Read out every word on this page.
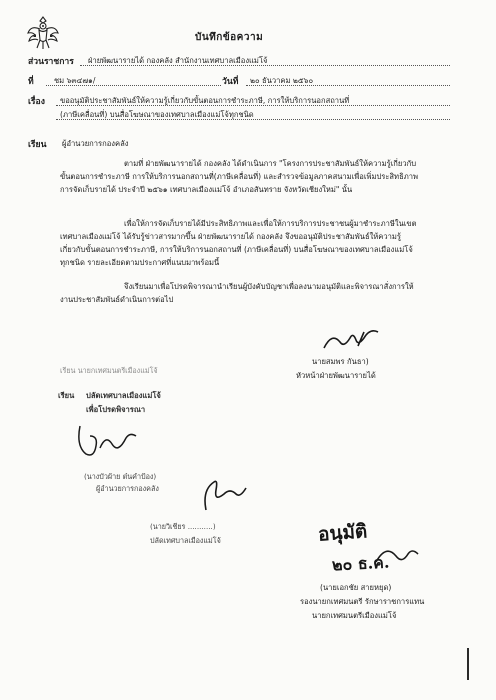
บันทึกข้อความ
ส่วนราชการ ฝ่ายพัฒนารายได้ กองคลัง สำนักงานเทศบาลเมืองแม่โจ้
ที่	ชม ๖๓๔๗๑/	วันที่ ๒๐ ธันวาคม ๒๕๖๐
เรื่อง ขออนุมัติประชาสัมพันธ์ให้ความรู้เกี่ยวกับขั้นตอนการชำระภาษี, การให้บริการนอกสถานที่
(ภาษีเคลื่อนที่) บนสื่อโฆษณาของเทศบาลเมืองแม่โจ้ทุกชนิด
เรียน ผู้อำนวยการกองคลัง
ตามที่ ฝ่ายพัฒนารายได้ กองคลัง ได้ดำเนินการ "โครงการประชาสัมพันธ์ให้ความรู้เกี่ยวกับ
ขั้นตอนการชำระภาษี การให้บริการนอกสถานที่(ภาษีเคลื่อนที่) และสำรวจข้อมูลภาคสนามเพื่อเพิ่มประสิทธิภาพ
การจัดเก็บรายได้ ประจำปี ๒๕๖๑ เทศบาลเมืองแม่โจ้ อำเภอสันทราย จังหวัดเชียงใหม่" นั้น
เพื่อให้การจัดเก็บรายได้มีประสิทธิภาพและเพื่อให้การบริการประชาชนผู้มาชำระภาษีในเขต
เทศบาลเมืองแม่โจ้ ได้รับรู้ข่าวสารมากขึ้น ฝ่ายพัฒนารายได้ กองคลัง จึงขออนุมัติประชาสัมพันธ์ให้ความรู้
เกี่ยวกับขั้นตอนการชำระภาษี, การให้บริการนอกสถานที่ (ภาษีเคลื่อนที่) บนสื่อโฆษณาของเทศบาลเมืองแม่โจ้
ทุกชนิด รายละเอียดตามประกาศที่แนบมาพร้อมนี้
จึงเรียนมาเพื่อโปรดพิจารณานำเรียนผู้บังคับบัญชาเพื่อลงนามอนุมัติและพิจารณาสั่งการให้
งานประชาสัมพันธ์ดำเนินการต่อไป
นายสมพร กันธา)
หัวหน้าฝ่ายพัฒนารายได้
เรียน นายกเทศมนตรีเมืองแม่โจ้
เรียน ปลัดเทศบาลเมืองแม่โจ้
เพื่อโปรดพิจารณา
(นางบัวผ้าย ต๋นคำป้อง)
ผู้อำนวยการกองคลัง
(นายวิเชียร ...........)
ปลัดเทศบาลเมืองแม่โจ้	อนุมัติ
๒๐ ธ.ค.
(นายเอกชัย สายหยุด)
รองนายกเทศมนตรี รักษาราชการแทน
นายกเทศมนตรีเมืองแม่โจ้
